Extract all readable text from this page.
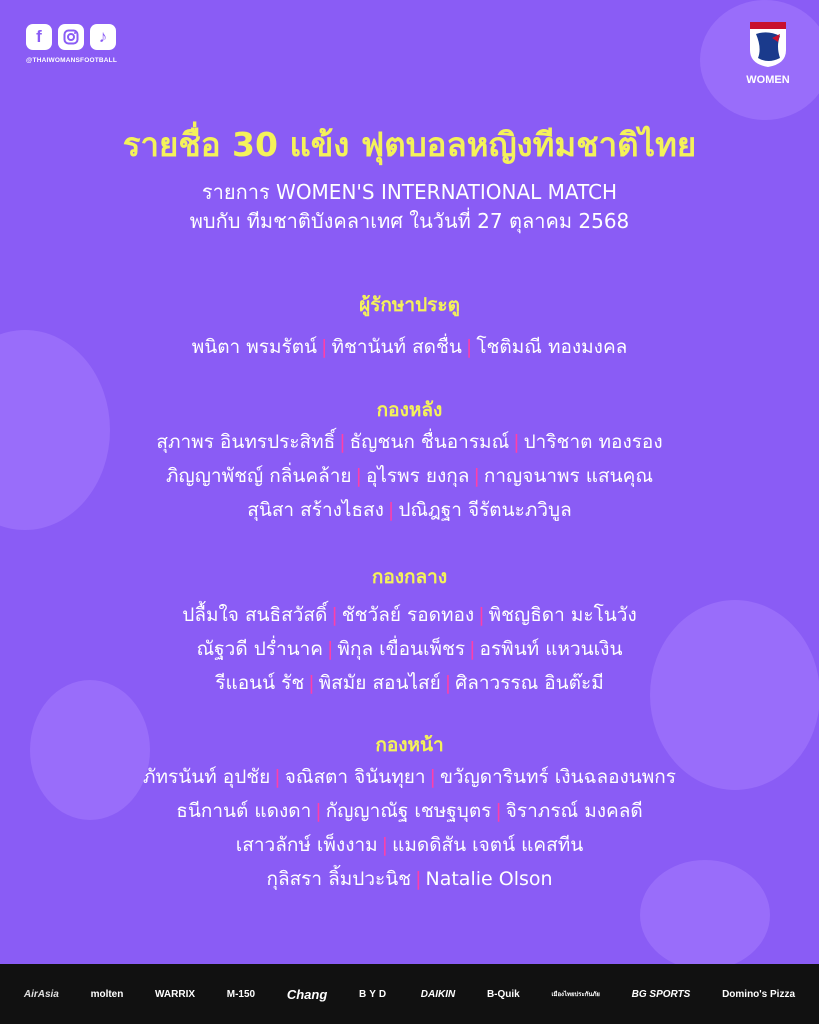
f	♪
@THAIWOMANSFOOTBALL
WOMEN
รายชื่อ 30 แข้ง ฟุตบอลหญิงทีมชาติไทย
รายการ WOMEN'S INTERNATIONAL MATCH
พบกับ ทีมชาติบังคลาเทศ ในวันที่ 27 ตุลาคม 2568
ผู้รักษาประตู
พนิตา พรมรัตน์ | ทิชานันท์ สดชื่น | โชติมณี ทองมงคล
กองหลัง
สุภาพร อินทรประสิทธิ์ | ธัญชนก ชื่นอารมณ์ | ปาริชาต ทองรอง
ภิญญาพัชญ์ กลิ่นคล้าย | อุไรพร ยงกุล | กาญจนาพร แสนคุณ
สุนิสา สร้างไธสง | ปณิฎฐา จีรัตนะภวิบูล
กองกลาง
ปลื้มใจ สนธิสวัสดิ์ | ชัชวัลย์ รอดทอง | พิชญธิดา มะโนวัง
ณัฐวดี ปร่ำนาค | พิกุล เขื่อนเพ็ชร | อรพินท์ แหวนเงิน
รีแอนน์ รัช | พิสมัย สอนไสย์ | ศิลาวรรณ อินต๊ะมี
กองหน้า
ภัทรนันท์ อุปชัย | จณิสตา จินันทุยา | ขวัญดารินทร์ เงินฉลองนพกร
ธนีกานต์ แดงดา | กัญญาณัฐ เชษฐบุตร | จิราภรณ์ มงคลดี
เสาวลักษ์ เพ็งงาม | แมดดิสัน เจตน์ แคสทีน
กุลิสรา ลิ้มปวะนิช | Natalie Olson
AirAsia	molten	WARRIX	M-150 Chang	BYD	DAIKIN	B-Quik	เมืองไทยประกันภัย	BG SPORTS	Domino's Pizza
